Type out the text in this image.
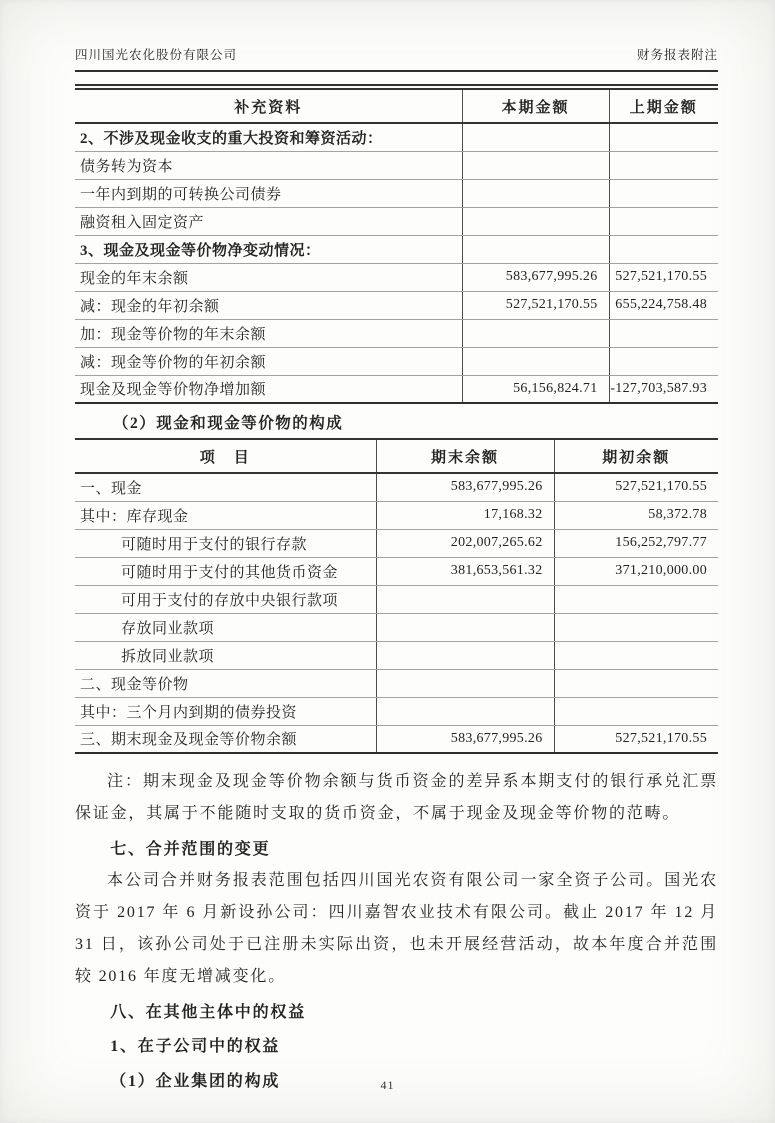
四川国光农化股份有限公司	财务报表附注
补充资料	本期金额	上期金额
2、不涉及现金收支的重大投资和筹资活动：		
债务转为资本		
一年内到期的可转换公司债券		
融资租入固定资产		
3、现金及现金等价物净变动情况：		
现金的年末余额	583,677,995.26	527,521,170.55
减：现金的年初余额	527,521,170.55	655,224,758.48
加：现金等价物的年末余额		
减：现金等价物的年初余额		
现金及现金等价物净增加额	56,156,824.71	-127,703,587.93
（2）现金和现金等价物的构成
项　目	期末余额	期初余额
一、现金	583,677,995.26	527,521,170.55
其中：库存现金	17,168.32	58,372.78
可随时用于支付的银行存款	202,007,265.62	156,252,797.77
可随时用于支付的其他货币资金	381,653,561.32	371,210,000.00
可用于支付的存放中央银行款项		
存放同业款项		
拆放同业款项		
二、现金等价物		
其中：三个月内到期的债券投资		
三、期末现金及现金等价物余额	583,677,995.26	527,521,170.55

注：期末现金及现金等价物余额与货币资金的差异系本期支付的银行承兑汇票保证金，其属于不能随时支取的货币资金，不属于现金及现金等价物的范畴。

七、合并范围的变更

本公司合并财务报表范围包括四川国光农资有限公司一家全资子公司。国光农资于 2017 年 6 月新设孙公司：四川嘉智农业技术有限公司。截止 2017 年 12 月 31 日，该孙公司处于已注册未实际出资，也未开展经营活动，故本年度合并范围较 2016 年度无增减变化。

八、在其他主体中的权益
1、在子公司中的权益
（1）企业集团的构成	41
